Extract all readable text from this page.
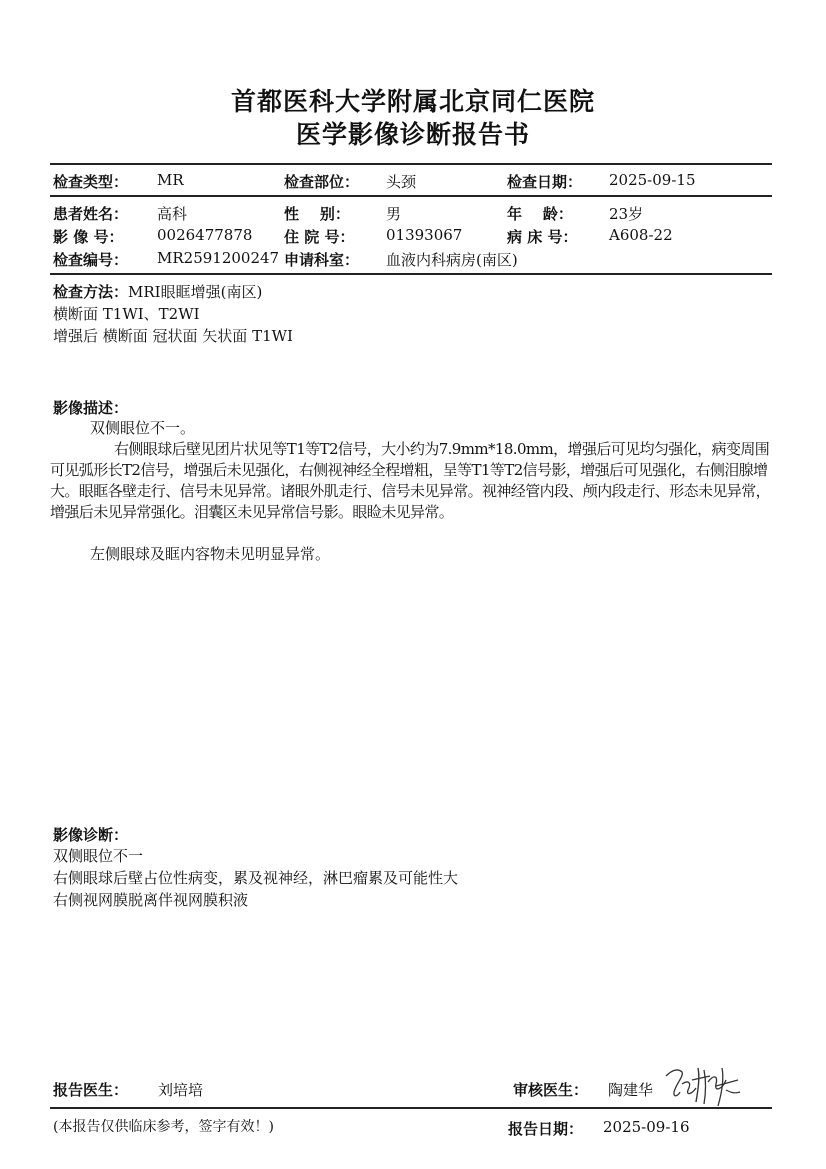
首都医科大学附属北京同仁医院
医学影像诊断报告书
检查类型： MR	检查部位： 头颈	检查日期： 2025-09-15
患者姓名： 高科	性    别： 男	年    龄： 23岁
影 像 号： 0026477878 住 院 号： 01393067	病 床 号： A608-22
检查编号： MR2591200247 申请科室： 血液内科病房(南区)
检查方法：MRI眼眶增强(南区)
横断面 T1WI、T2WI
增强后 横断面 冠状面 矢状面 T1WI
影像描述：
双侧眼位不一。
右侧眼球后壁见团片状见等T1等T2信号，大小约为7.9mm*18.0mm，增强后可见均匀强化，病变周围可见弧形长T2信号，增强后未见强化，右侧视神经全程增粗，呈等T1等T2信号影，增强后可见强化，右侧泪腺增大。眼眶各壁走行、信号未见异常。诸眼外肌走行、信号未见异常。视神经管内段、颅内段走行、形态未见异常，增强后未见异常强化。泪囊区未见异常信号影。眼睑未见异常。
左侧眼球及眶内容物未见明显异常。
影像诊断：
双侧眼位不一
右侧眼球后壁占位性病变，累及视神经，淋巴瘤累及可能性大
右侧视网膜脱离伴视网膜积液
报告医生： 刘培培	审核医生： 陶建华
(本报告仅供临床参考，签字有效！)	报告日期： 2025-09-16
